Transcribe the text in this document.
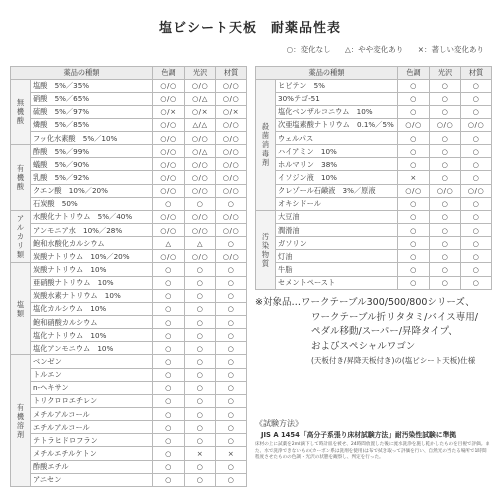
塩ビシート天板　耐薬品性表
○：変化なし △：やや変化あり ×：著しい変化あり
薬品の種類		色調	光沢	材質

無
機
酸	塩酸　5%／35%	○/○	○/○	○/○
	硝酸　5%／65%	○/○	○/△	○/○
	硫酸　5%／97%	○/×	○/×	○/×
	燐酸　5%／85%	○/○	△/△	○/○
	フッ化水素酸　5%／10%	○/○	○/○	○/○

有
機
酸	酢酸　5%／99%	○/○	○/△	○/○
	蟻酸　5%／90%	○/○	○/○	○/○
	乳酸　5%／92%	○/○	○/○	○/○
	クエン酸　10%／20%	○/○	○/○	○/○
	石炭酸　50%	○	○	○

ア
ル
カ
リ
類	水酸化ナトリウム　5%／40%	○/○	○/○	○/○
	アンモニア水　10%／28%	○/○	○/○	○/○
	飽和水酸化カルシウム	△	△	○
	炭酸ナトリウム　10%／20%	○/○	○/○	○/○

塩
類	炭酸ナトリウム　10%	○	○	○
	亜硝酸ナトリウム　10%	○	○	○
	炭酸水素ナトリウム　10%	○	○	○
	塩化カルシウム　10%	○	○	○
	飽和硝酸カルシウム	○	○	○
	塩化ナトリウム　10%	○	○	○
	塩化アンモニウム　10%	○	○	○

有
機
溶
剤	ベンゼン	○	○	○
	トルエン	○	○	○
	n-ヘキサン	○	○	○
	トリクロロエチレン	○	○	○
	メチルアルコール	○	○	○
	エチルアルコール	○	○	○
	テトラヒドロフラン	○	○	○
	メチルエチルケトン	○	×	×
	酢酸エチル	○	○	○
	アニセン	○	○	○
薬品の種類		色調	光沢	材質

殺
菌
消
毒
剤	ヒビテン　5%	○	○	○
	30%テゴ-51	○	○	○
	塩化ベンザルコニウム　10%	○	○	○
	次亜塩素酸ナトリウム　0.1%／5%	○/○	○/○	○/○
	ウェルパス	○	○	○
	ハイアミン　10%	○	○	○
	ホルマリン　38%	○	○	○
	イソジン液　10%	×	○	○
	クレゾール石鹸液　3%／原液	○/○	○/○	○/○
	オキシドール	○	○	○

汚
染
物
質	大豆油	○	○	○
	潤滑油	○	○	○
	ガソリン	○	○	○
	灯油	○	○	○
	牛脂	○	○	○
	セメントペースト	○	○	○
※対象品…ワークテーブル300/500/800シリーズ、
ワークテーブル折リタタミ/バイス専用/
ペダル移動/スーパー/昇降タイプ、
およびスペシャルワゴン
(天板付き/昇降天板付き)の(塩ビシート天板)仕様
《試験方法》
JIS A 1454「高分子系張り床材試験方法」耐汚染性試験に準拠
床材の上に試薬を2ml滴下して時計皿を被せ、24時間放置した後に流水洗浄を施し乾かしたものを目視で評価。また、水で洗浄できないもの(カーボン系は洗剤を使用)は布で拭き取って評価を行い、自然光の当たる場所で1時間程度させたものの色調・光沢の状態を観察し、判定を行った。
